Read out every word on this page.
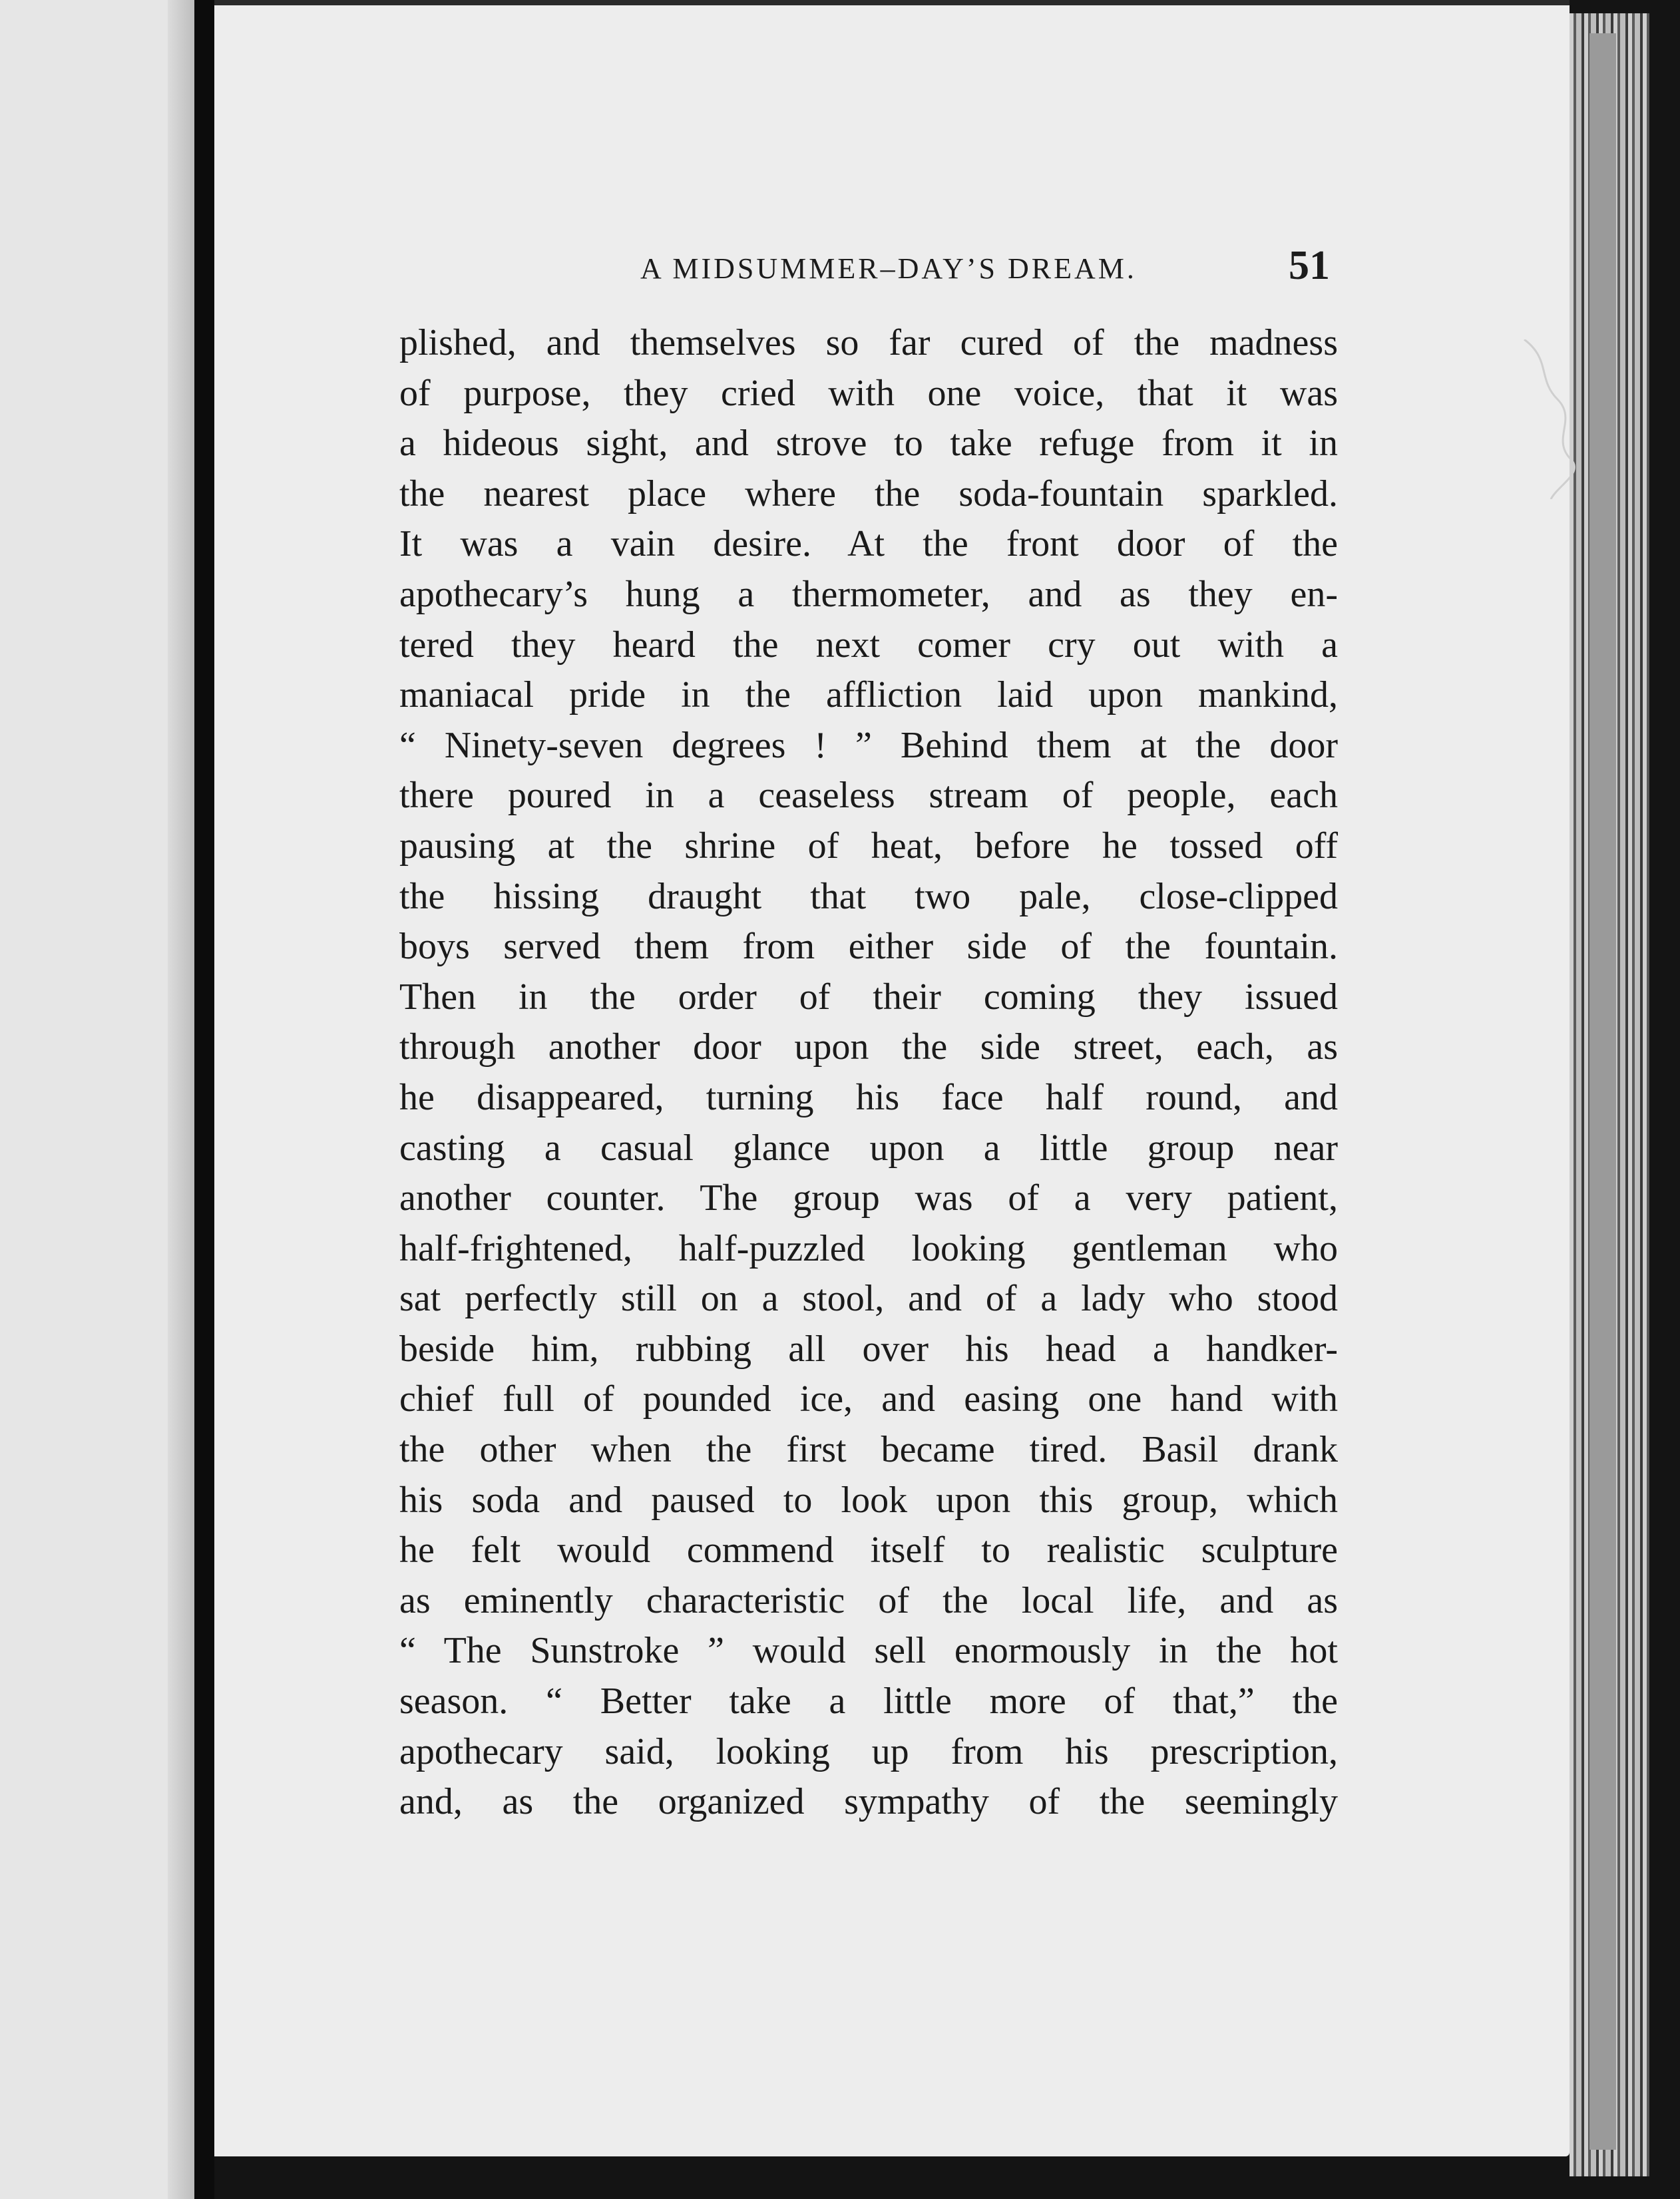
A MIDSUMMER–DAY’S DREAM.	51
plished, and themselves so far cured of the madness
of purpose, they cried with one voice, that it was
a hideous sight, and strove to take refuge from it in
the nearest place where the soda-fountain sparkled.
It was a vain desire. At the front door of the
apothecary’s hung a thermometer, and as they en-
tered they heard the next comer cry out with a
maniacal pride in the affliction laid upon mankind,
“ Ninety-seven degrees ! ” Behind them at the door
there poured in a ceaseless stream of people, each
pausing at the shrine of heat, before he tossed off
the hissing draught that two pale, close-clipped
boys served them from either side of the fountain.
Then in the order of their coming they issued
through another door upon the side street, each, as
he disappeared, turning his face half round, and
casting a casual glance upon a little group near
another counter. The group was of a very patient,
half-frightened, half-puzzled looking gentleman who
sat perfectly still on a stool, and of a lady who stood
beside him, rubbing all over his head a handker-
chief full of pounded ice, and easing one hand with
the other when the first became tired. Basil drank
his soda and paused to look upon this group, which
he felt would commend itself to realistic sculpture
as eminently characteristic of the local life, and as
“ The Sunstroke ” would sell enormously in the hot
season. “ Better take a little more of that,” the
apothecary said, looking up from his prescription,
and, as the organized sympathy of the seemingly
